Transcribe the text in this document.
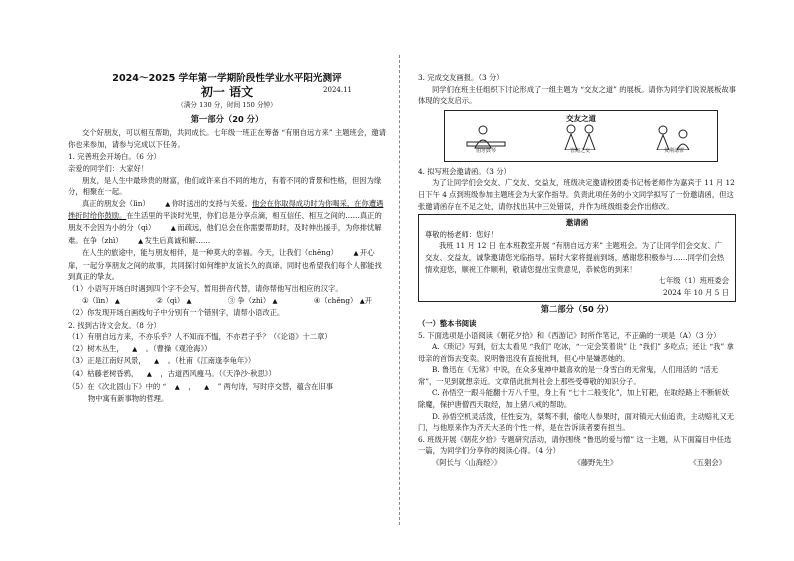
2024～2025 学年第一学期阶段性学业水平阳光测评
初一 语文	2024.11
（满分 130 分，时间 150 分钟）
第一部分（20 分）

交个好朋友，可以相互帮助，共同成长。七年级一班正在筹备 “有朋自远方来” 主题班会，邀请你也来参加，请参与完成以下任务。

1. 完善班会开场白。（6 分）

亲爱的同学们：大家好！

朋友，是人生中最珍贵的财富，他们或许来自不同的地方，有着不同的背景和性格，但因为缘分，相聚在一起。

真正的朋友会（lìn） ▲ 你时送出的支持与关爱。他会在你取得成功时为你喝采，在你遭遇挫折时给你鼓励。在生活里的平淡时光里，你们总是分享点滴，相互信任、相互之间的……真正的朋友不会因为小的分（qì） ▲ 而疏远，他们总会在你需要帮助时，及时伸出援手，为你排忧解难。在争（zhì） ▲ 发生后真诚和解……

在人生的旅途中，能与朋友相伴，是一种莫大的幸福。今天，让我们（chěng） ▲ 开心扉，一起分享朋友之间的故事，共同探讨如何维护友谊长久的真谛。同时也希望我们每个人都能找到真正的挚友。

（1）小语写开场白时遇到四个字不会写，暂用拼音代替，请你帮他写出相应的汉字。

①（lìn） ▲	②（qì） ▲	③ 争（zhì） ▲	④（chěng） ▲开

（2）你发现开场白画线句子中分别有一个错别字，请帮小语改正。

2. 找到古诗文会友。（8 分）

（1）有朋自远方来，不亦乐乎？人不知而不愠，不亦君子乎？（《论语》十二章）

（2）树木丛生， ▲ 。（曹操《观沧海》）

（3）正是江南好风景， ▲ 。（杜甫《江南逢李龟年》）

（4）枯藤老树昏鸦， ▲ ，古道西风瘦马。（《天净沙·秋思》）

（5）在《次北固山下》中的 “ ▲ ， ▲ ” 两句诗，写时序交替，蕴含在旧事

物中寓有新事物的哲理。

3. 完成交友画报。（3 分）

同学们在班主任组织下讨论形成了一组主题为 “交友之道” 的展板。请你为同学们说说展板故事体现的交友启示。

交友之道
伯牙鼓琴	管鲍之交	负荆请罪

4. 拟写班会邀请函。（3 分）

为了让同学们会交友、广交友、交益友，班级决定邀请校团委书记杨老师作为嘉宾于 11 月 12 日下午 4 点到班级参加主题班会为大家作指导。负责此项任务的小文同学拟写了一份邀请函，但这张邀请函存在不足之处，请你找出其中三处错误，并作为班级组委会作出修改。

邀请函

尊敬的杨老师：您好！

我班 11 月 12 日 在本班教室开展 “有朋自远方来” 主题班会。为了让同学们会交友、广交友、交益友，诚挚邀请您光临指导。届时大家将提前到场，感谢您积极参与……同学们会热情欢迎您，顺祝工作顺利，敬请您提出宝贵意见，恭候您的到来！

七年级（1）班班委会

2024 年 10 月 5 日

第二部分（50 分）

（一）整本书阅读

5. 下面选项是小语阅读《朝花夕拾》和《西游记》时所作笔记，不正确的一项是（A）（3 分）

A.《琐记》写到，衍太太看见 “我们” 吃冰，“一定会笑着说” 让 “我们” 多吃点；还让 “我” 拿母亲的首饰去变卖。说明鲁迅没有直接批判，但心中是嫌恶她的。

B. 鲁迅在《无常》中说，在众多鬼神中最喜欢的是一身雪白的无常鬼，人们用活的 “活无常”，一见到就想亲近。文章借此批判社会上那些受尊敬的知识分子。

C. 孙悟空一跟斗能翻十万八千里，身上有 “七十二般变化”，加上钉耙，在取经路上不断斩妖除魔，保护唐僧西天取经，加上猪八戒的帮助。

D. 孙悟空机灵活泼，任性妄为，桀骜不驯，偷吃人参果时，面对镇元大仙追责，主动赔礼又无门，与他原来作为齐天大圣的个性一样，是在告诉读者要有担当。

6. 班级开展《朝花夕拾》专题研究活动，请你围绕 “鲁迅的爱与憎” 这一主题，从下面篇目中任选一篇，为同学们分享你的阅读心得。（4 分）

《阿长与〈山海经〉》	《藤野先生》	《五猖会》
